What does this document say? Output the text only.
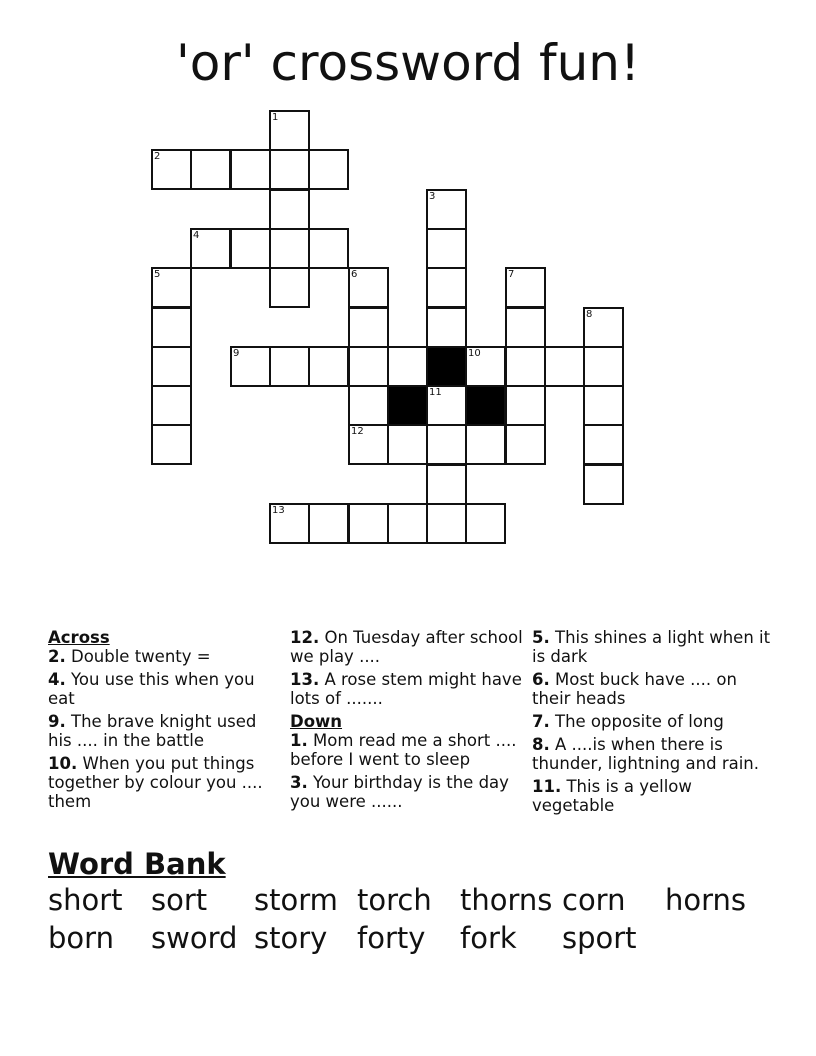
'or' crossword fun!
1
2
3
4
5	6	7
8
9	10
11
12
13

Across

2. Double twenty =

4. You use this when you eat

9. The brave knight used his .... in the battle

10. When you put things together by colour you .... them

12. On Tuesday after school we play ....

13. A rose stem might have lots of .......

Down

1. Mom read me a short .... before I went to sleep

3. Your birthday is the day you were ......

5. This shines a light when it is dark

6. Most buck have .... on their heads

7. The opposite of long

8. A ....is when there is thunder, lightning and rain.

11. This is a yellow vegetable

Word Bank

short sort storm torch thorns corn horns
born sword story forty fork sport
